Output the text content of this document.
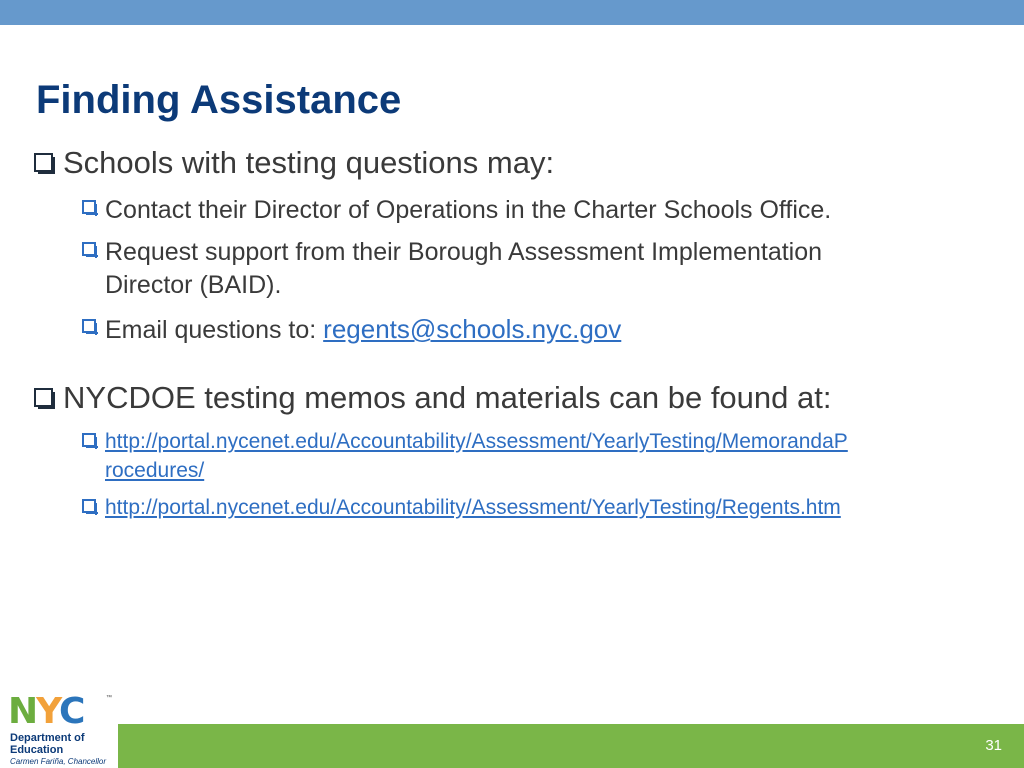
Finding Assistance
Schools with testing questions may:
Contact their Director of Operations in the Charter Schools Office.
Request support from their Borough Assessment Implementation
Director (BAID).
Email questions to: regents@schools.nyc.gov
NYCDOE testing memos and materials can be found at:
http://portal.nycenet.edu/Accountability/Assessment/YearlyTesting/MemorandaP
rocedures/
http://portal.nycenet.edu/Accountability/Assessment/YearlyTesting/Regents.htm
31
NYC	™
Department of
Education
Carmen Fariña, Chancellor
